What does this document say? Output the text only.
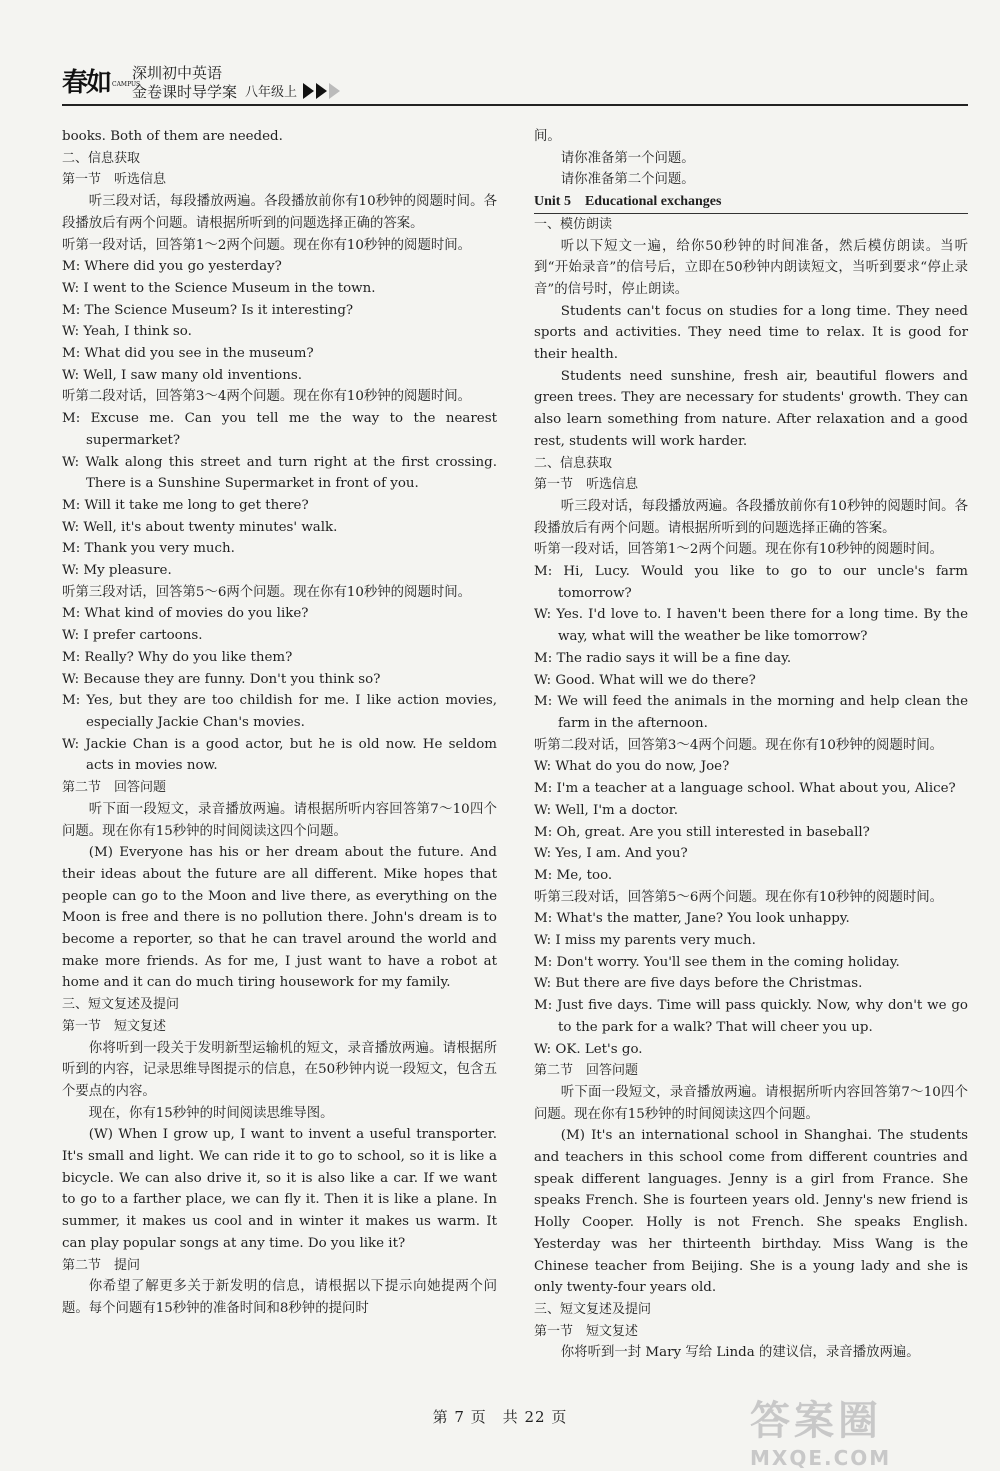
春如 CAMPUS
深圳初中英语
金卷课时导学案 八年级上

books. Both of them are needed.

二、信息获取

第一节　听选信息

听三段对话，每段播放两遍。各段播放前你有10秒钟的阅题时间。各段播放后有两个问题。请根据所听到的问题选择正确的答案。

听第一段对话，回答第1～2两个问题。现在你有10秒钟的阅题时间。

M: Where did you go yesterday?

W: I went to the Science Museum in the town.

M: The Science Museum? Is it interesting?

W: Yeah, I think so.

M: What did you see in the museum?

W: Well, I saw many old inventions.

听第二段对话，回答第3～4两个问题。现在你有10秒钟的阅题时间。

M: Excuse me. Can you tell me the way to the nearest supermarket?

W: Walk along this street and turn right at the first crossing. There is a Sunshine Supermarket in front of you.

M: Will it take me long to get there?

W: Well, it's about twenty minutes' walk.

M: Thank you very much.

W: My pleasure.

听第三段对话，回答第5～6两个问题。现在你有10秒钟的阅题时间。

M: What kind of movies do you like?

W: I prefer cartoons.

M: Really? Why do you like them?

W: Because they are funny. Don't you think so?

M: Yes, but they are too childish for me. I like action movies, especially Jackie Chan's movies.

W: Jackie Chan is a good actor, but he is old now. He seldom acts in movies now.

第二节　回答问题

听下面一段短文，录音播放两遍。请根据所听内容回答第7～10四个问题。现在你有15秒钟的时间阅读这四个问题。

(M) Everyone has his or her dream about the future. And their ideas about the future are all different. Mike hopes that people can go to the Moon and live there, as everything on the Moon is free and there is no pollution there. John's dream is to become a reporter, so that he can travel around the world and make more friends. As for me, I just want to have a robot at home and it can do much tiring housework for my family.

三、短文复述及提问

第一节　短文复述

你将听到一段关于发明新型运输机的短文，录音播放两遍。请根据所听到的内容，记录思维导图提示的信息，在50秒钟内说一段短文，包含五个要点的内容。

现在，你有15秒钟的时间阅读思维导图。

(W) When I grow up, I want to invent a useful transporter. It's small and light. We can ride it to go to school, so it is like a bicycle. We can also drive it, so it is also like a car. If we want to go to a farther place, we can fly it. Then it is like a plane. In summer, it makes us cool and in winter it makes us warm. It can play popular songs at any time. Do you like it?

第二节　提问

你希望了解更多关于新发明的信息，请根据以下提示向她提两个问题。每个问题有15秒钟的准备时间和8秒钟的提问时

间。

请你准备第一个问题。

请你准备第二个问题。

Unit 5　Educational exchanges

一、模仿朗读

听以下短文一遍，给你50秒钟的时间准备，然后模仿朗读。当听到“开始录音”的信号后，立即在50秒钟内朗读短文，当听到要求“停止录音”的信号时，停止朗读。

Students can't focus on studies for a long time. They need sports and activities. They need time to relax. It is good for their health.

Students need sunshine, fresh air, beautiful flowers and green trees. They are necessary for students' growth. They can also learn something from nature. After relaxation and a good rest, students will work harder.

二、信息获取

第一节　听选信息

听三段对话，每段播放两遍。各段播放前你有10秒钟的阅题时间。各段播放后有两个问题。请根据所听到的问题选择正确的答案。

听第一段对话，回答第1～2两个问题。现在你有10秒钟的阅题时间。

M: Hi, Lucy. Would you like to go to our uncle's farm tomorrow?

W: Yes. I'd love to. I haven't been there for a long time. By the way, what will the weather be like tomorrow?

M: The radio says it will be a fine day.

W: Good. What will we do there?

M: We will feed the animals in the morning and help clean the farm in the afternoon.

听第二段对话，回答第3～4两个问题。现在你有10秒钟的阅题时间。

W: What do you do now, Joe?

M: I'm a teacher at a language school. What about you, Alice?

W: Well, I'm a doctor.

M: Oh, great. Are you still interested in baseball?

W: Yes, I am. And you?

M: Me, too.

听第三段对话，回答第5～6两个问题。现在你有10秒钟的阅题时间。

M: What's the matter, Jane? You look unhappy.

W: I miss my parents very much.

M: Don't worry. You'll see them in the coming holiday.

W: But there are five days before the Christmas.

M: Just five days. Time will pass quickly. Now, why don't we go to the park for a walk? That will cheer you up.

W: OK. Let's go.

第二节　回答问题

听下面一段短文，录音播放两遍。请根据所听内容回答第7～10四个问题。现在你有15秒钟的时间阅读这四个问题。

(M) It's an international school in Shanghai. The students and teachers in this school come from different countries and speak different languages. Jenny is a girl from France. She speaks French. She is fourteen years old. Jenny's new friend is Holly Cooper. Holly is not French. She speaks English. Yesterday was her thirteenth birthday. Miss Wang is the Chinese teacher from Beijing. She is a young lady and she is only twenty-four years old.

三、短文复述及提问

第一节　短文复述

你将听到一封 Mary 写给 Linda 的建议信，录音播放两遍。

第 7 页　共 22 页	答案圈
MXQE.COM
